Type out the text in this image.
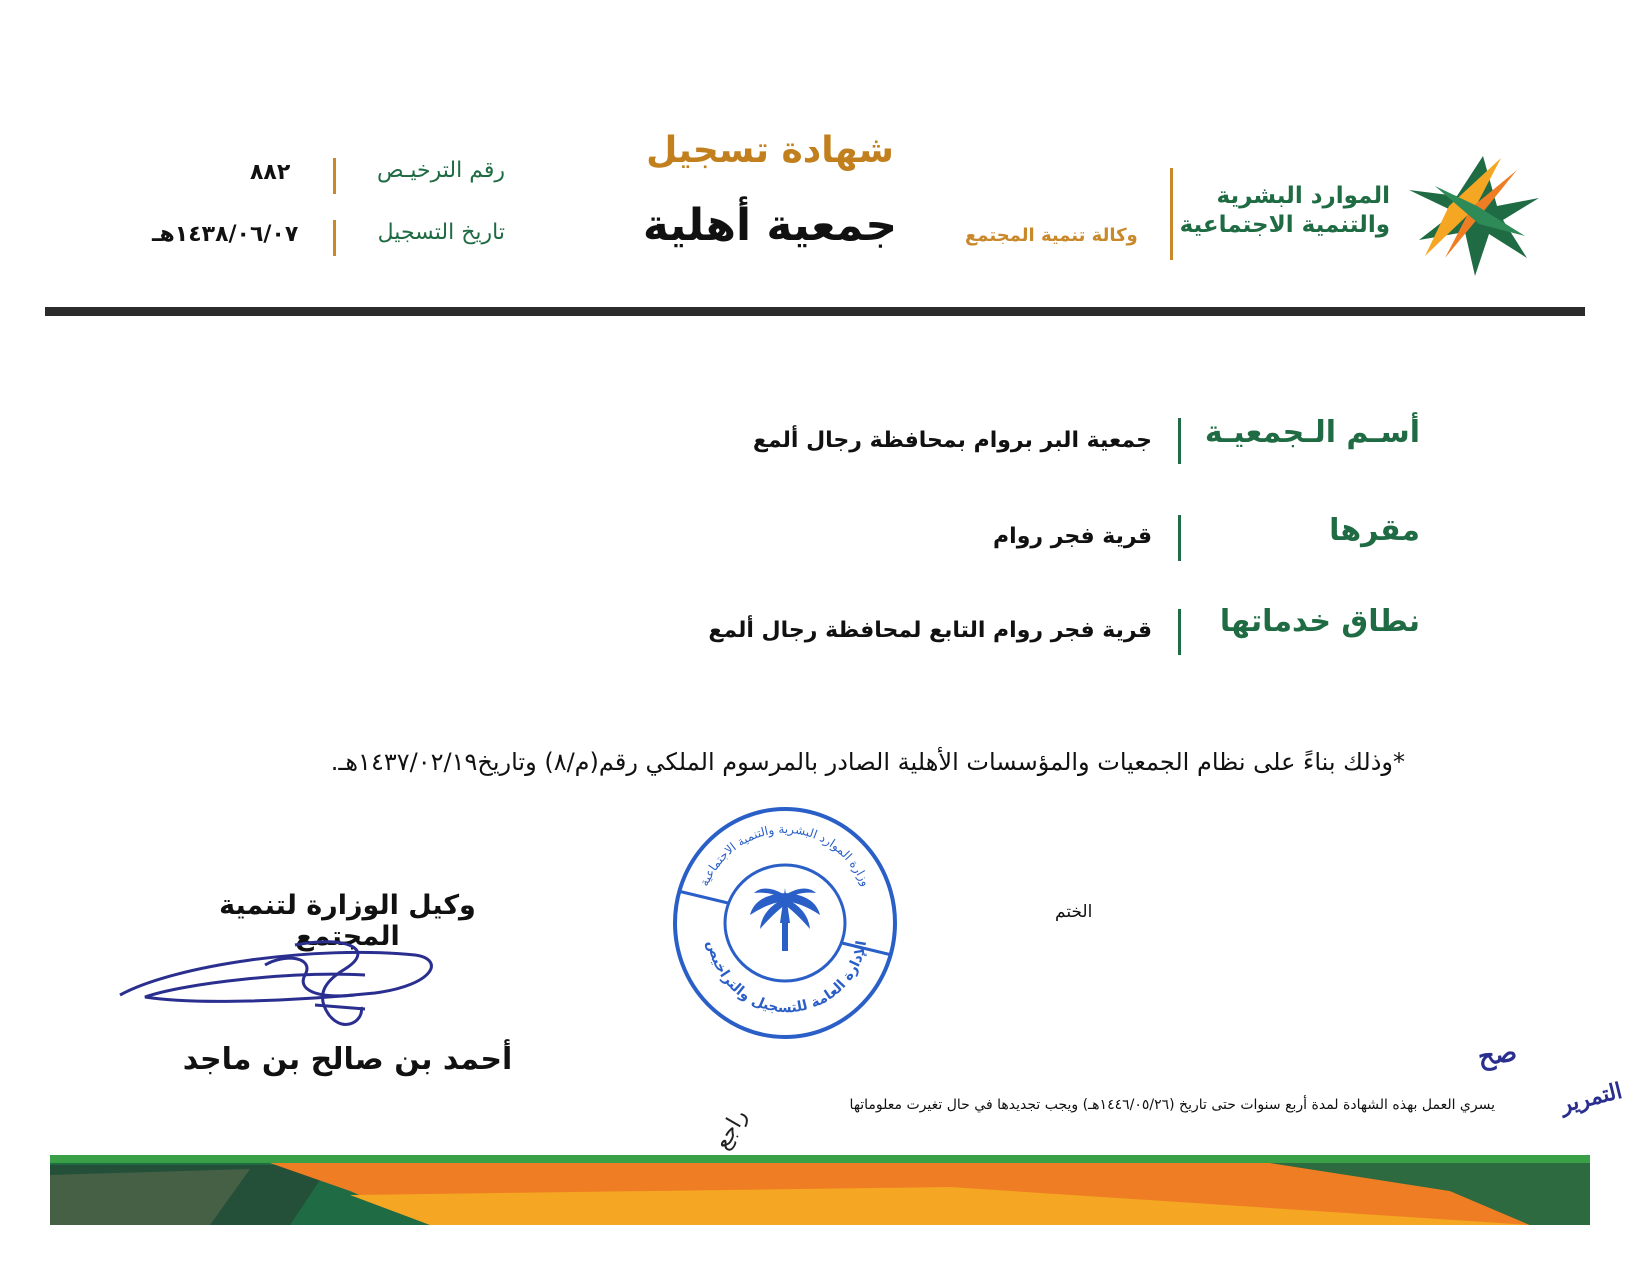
الموارد البشرية
والتنمية الاجتماعية
وكالة تنمية المجتمع
شهادة تسجيل
جمعية أهلية
رقم الترخيـص
٨٨٢
تاريخ التسجيل
١٤٣٨/٠٦/٠٧هـ
أسـم الـجمعيـة
جمعية البر بروام بمحافظة رجال ألمع
مقرها
قرية فجر روام
نطاق خدماتها
قرية فجر روام التابع لمحافظة رجال ألمع
*وذلك بناءً على نظام الجمعيات والمؤسسات الأهلية الصادر بالمرسوم الملكي رقم(م/٨) وتاريخ١٤٣٧/٠٢/١٩هـ.
الختم
وزارة الموارد البشرية والتنمية الاجتماعية
الإدارة العامة للتسجيل والتراخيص
وكيل الوزارة لتنمية المجتمع
أحمد بن صالح بن ماجد
يسري العمل بهذه الشهادة لمدة أربع سنوات حتى تاريخ (١٤٤٦/٠٥/٢٦هـ) ويجب تجديدها في حال تغيرت معلوماتها
صح
التمرير
راجع
